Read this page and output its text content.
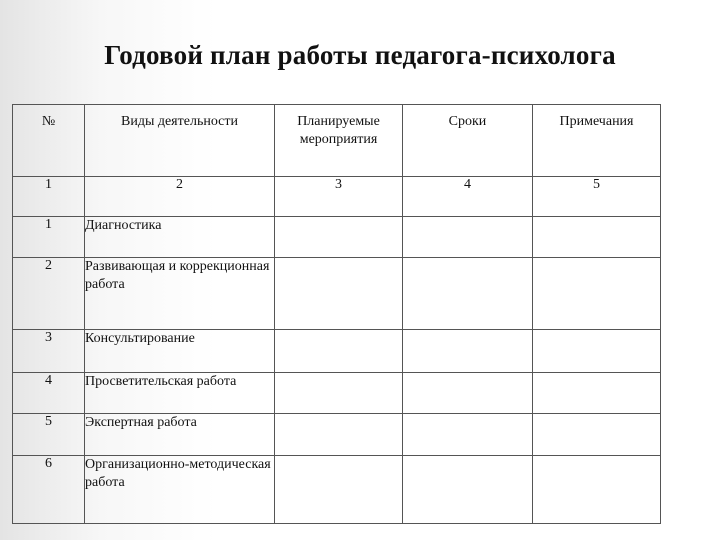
Годовой план работы педагога-психолога
№	Виды деятельности	Планируемые мероприятия	Сроки	Примечания
1	2	3	4	5
1	Диагностика			
2	Развивающая и коррекционная работа			
3	Консультирование			
4	Просветительская работа			
5	Экспертная работа			
6	Организационно-методическая работа			
